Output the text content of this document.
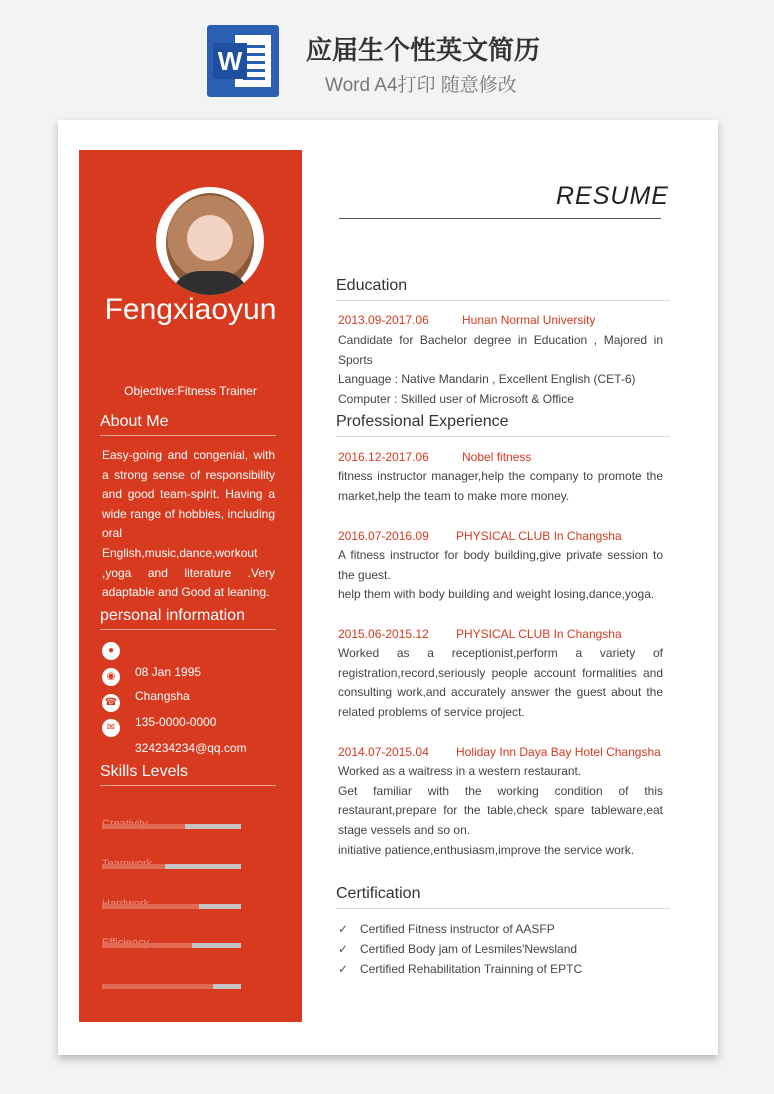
W 应届生个性英文简历
Word A4打印 随意修改
Fengxiaoyun
Objective:Fitness Trainer
About Me
Easy-going and congenial, with a strong sense of responsibility and good team-spirit. Having a wide range of hobbies, including oral English,music,dance,workout ,yoga and literature .Very adaptable and Good at leaning.
personal information
●
08 Jan 1995
◉
Changsha
☎
135-0000-0000
✉
324234234@qq.com
Skills Levels
RESUME
Education
2013.09-2017.06	Hunan Normal University
Candidate for Bachelor degree in Education , Majored in Sports
Language : Native Mandarin , Excellent English (CET-6)
Computer : Skilled user of Microsoft & Office
Professional Experience
2016.12-2017.06	Nobel fitness
fitness instructor manager,help the company to promote the market,help the team to make more money.
2016.07-2016.09 PHYSICAL CLUB In Changsha
A fitness instructor for body building,give private session to the guest.
help them with body building and weight losing,dance,yoga.
2015.06-2015.12 PHYSICAL CLUB In Changsha
Worked as a receptionist,perform a variety of registration,record,seriously people account formalities and consulting work,and accurately answer the guest about the related problems of service project.
2014.07-2015.04 Holiday Inn Daya Bay Hotel Changsha
Worked as a waitress in a western restaurant.
Get familiar with the working condition of this restaurant,prepare for the table,check spare tableware,eat stage vessels and so on.
initiative patience,enthusiasm,improve the service work.
Certification
✓ Certified Fitness instructor of AASFP
✓ Certified Body jam of Lesmiles'Newsland
✓ Certified Rehabilitation Trainning of EPTC
